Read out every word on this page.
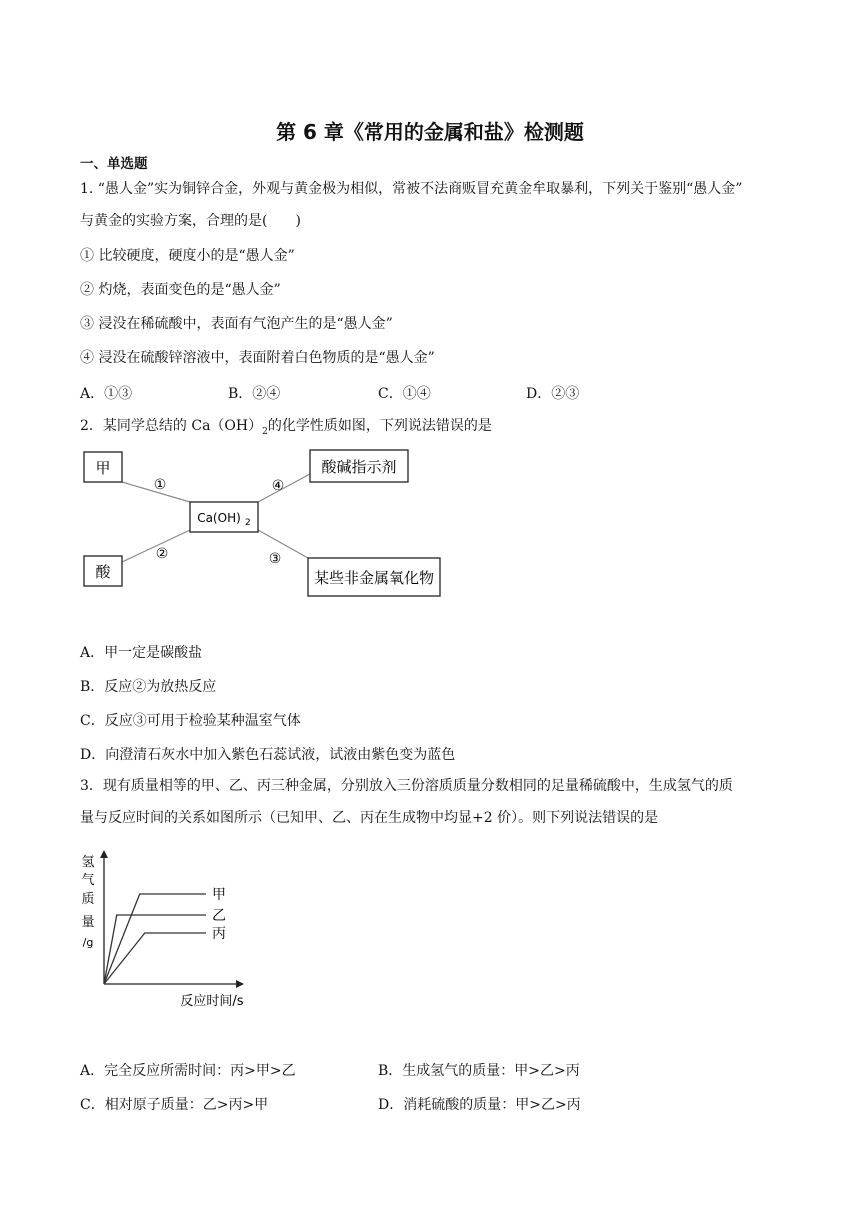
第 6 章《常用的金属和盐》检测题
一、单选题
1. “愚人金”实为铜锌合金，外观与黄金极为相似，常被不法商贩冒充黄金牟取暴利，下列关于鉴别“愚人金”
与黄金的实验方案，合理的是(　　)
① 比较硬度，硬度小的是“愚人金”
② 灼烧，表面变色的是“愚人金”
③ 浸没在稀硫酸中，表面有气泡产生的是“愚人金”
④ 浸没在硫酸锌溶液中，表面附着白色物质的是“愚人金”
A．①③	B．②④	C．①④	D．②③
2．某同学总结的 $Ca(OH)_2$的化学性质如图，下列说法错误的是
甲
酸
Ca(OH) 2
酸碱指示剂
某些非金属氧化物
①
②	③
④
A．甲一定是碳酸盐
B．反应②为放热反应
C．反应③可用于检验某种温室气体
D．向澄清石灰水中加入紫色石蕊试液，试液由紫色变为蓝色
3．现有质量相等的甲、乙、丙三种金属，分别放入三份溶质质量分数相同的足量稀硫酸中，生成氢气的质
量与反应时间的关系如图所示（已知甲、乙、丙在生成物中均显+2 价）。则下列说法错误的是
氢
气
质
量
/g
反应时间/s
甲
乙
丙
A．完全反应所需时间：丙>甲>乙	B．生成氢气的质量：甲>乙>丙
C．相对原子质量：乙>丙>甲	D．消耗硫酸的质量：甲>乙>丙
